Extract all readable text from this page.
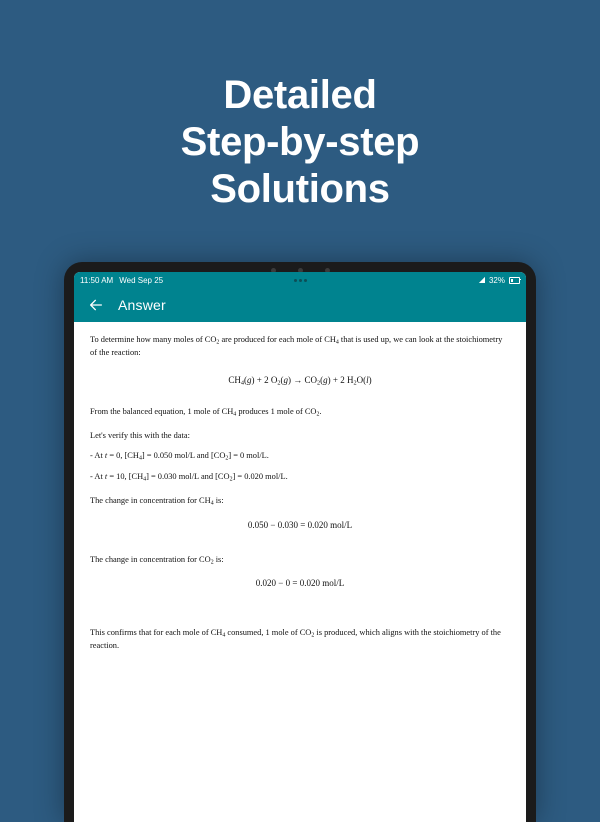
Detailed
Step-by-step
Solutions
11:50 AM Wed Sep 25	◢ 32%
Answer

To determine how many moles of $CO_2$ are produced for each mole of $CH_4$ that is used up, we can look at the stoichiometry of the reaction:

$CH_4(g) + 2$ $O_2(g) \to CO_2(g) + 2$ $H_2O(l)$

From the balanced equation, 1 mole of $CH_4$ produces 1 mole of $CO_2$.

Let's verify this with the data:

- At t = 0, $[CH_4] = 0.050$ mol/L and $[CO_2] = 0$ mol/L.

- At t = 10, $[CH_4] = 0.030$ mol/L and $[CO_2] = 0.020$ mol/L.

The change in concentration for $CH_4$ is:

0.050 − 0.030 = 0.020 mol/L

The change in concentration for $CO_2$ is:

0.020 − 0 = 0.020 mol/L

This confirms that for each mole of $CH_4$ consumed, 1 mole of $CO_2$ is produced, which aligns with the stoichiometry of the reaction.
